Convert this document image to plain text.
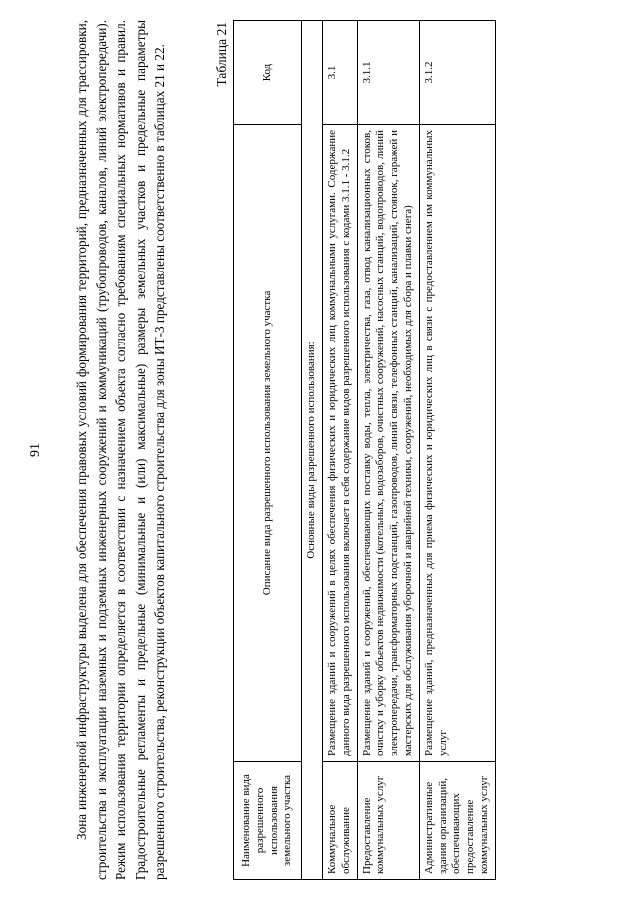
91 Зона инженерной инфраструктуры выделена для обеспечения правовых условий формирования территорий, предназначенных для трассировки, строительства и эксплуатации наземных и подземных инженерных сооружений и коммуникаций (трубопроводов, каналов, линий электропередачи). Режим использования территории определяется в соответствии с назначением объекта согласно требованиям специальных нормативов и правил. Градостроительные регламенты и предельные (минимальные и (или) максимальные) размеры земельных участков и предельные параметры разрешенного строительства, реконструкции объектов капитального строительства для зоны ИТ-3 представлены соответственно в таблицах 21 и 22.	Таблица 21
Наименование вида разрешенного использования земельного участка	Описание вида разрешенного использования земельного участка	Код
Основные виды разрешенного использования:		
Коммунальное обслуживание	Размещение зданий и сооружений в целях обеспечения физических и юридических лиц коммунальными услугами. Содержание данного вида разрешенного использования включает в себя содержание видов разрешенного использования с кодами 3.1.1 - 3.1.2	3.1
Предоставление коммунальных услуг	Размещение зданий и сооружений, обеспечивающих поставку воды, тепла, электричества, газа, отвод канализационных стоков, очистку и уборку объектов недвижимости (котельных, водозаборов, очистных сооружений, насосных станций, водопроводов, линий электропередачи, трансформаторных подстанций, газопроводов, линий связи, телефонных станций, канализаций, стоянок, гаражей и мастерских для обслуживания уборочной и аварийной техники, сооружений, необходимых для сбора и плавки снега)	3.1.1
Административные здания организаций, обеспечивающих предоставление коммунальных услуг	Размещение зданий, предназначенных для приема физических и юридических лиц в связи с предоставлением им коммунальных услуг	3.1.2
